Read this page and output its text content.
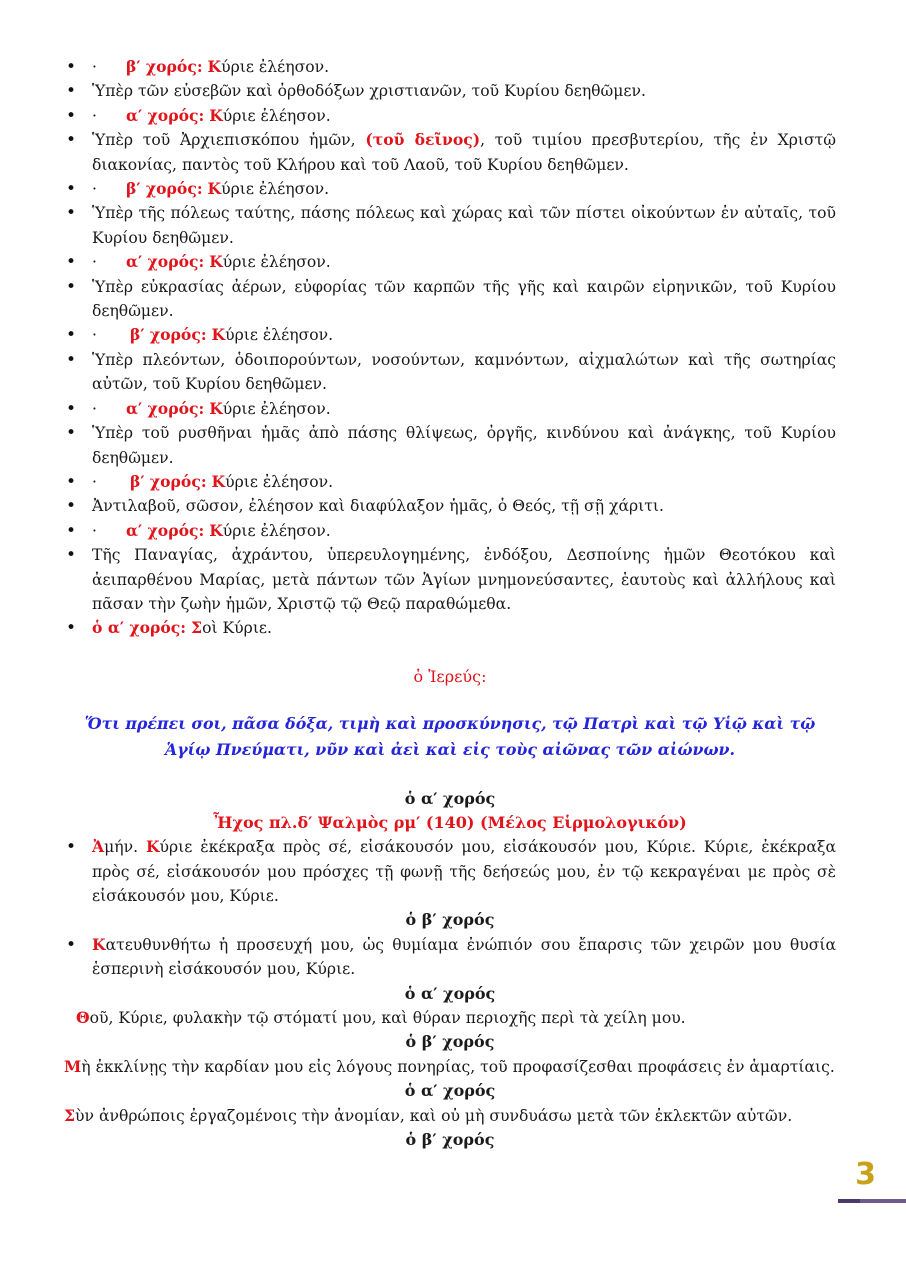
• · β′ χορός: Κύριε ἐλέησον.
• Ὑπὲρ τῶν εὐσεβῶν καὶ ὀρθοδόξων χριστιανῶν, τοῦ Κυρίου δεηθῶμεν.
• · α′ χορός: Κύριε ἐλέησον.
• Ὑπὲρ τοῦ Ἀρχιεπισκόπου ἡμῶν, (τοῦ δεῖνος), τοῦ τιμίου πρεσβυτερίου, τῆς ἐν Χριστῷ διακονίας, παντὸς τοῦ Κλήρου καὶ τοῦ Λαοῦ, τοῦ Κυρίου δεηθῶμεν.
• · β′ χορός: Κύριε ἐλέησον.
• Ὑπὲρ τῆς πόλεως ταύτης, πάσης πόλεως καὶ χώρας καὶ τῶν πίστει οἰκούντων ἐν αὐταῖς, τοῦ Κυρίου δεηθῶμεν.
• · α′ χορός: Κύριε ἐλέησον.
• Ὑπὲρ εὐκρασίας ἀέρων, εὐφορίας τῶν καρπῶν τῆς γῆς καὶ καιρῶν εἰρηνικῶν, τοῦ Κυρίου δεηθῶμεν.
• · β′ χορός: Κύριε ἐλέησον.
• Ὑπὲρ πλεόντων, ὁδοιπορούντων, νοσούντων, καμνόντων, αἰχμαλώτων καὶ τῆς σωτηρίας αὐτῶν, τοῦ Κυρίου δεηθῶμεν.
• · α′ χορός: Κύριε ἐλέησον.
• Ὑπὲρ τοῦ ρυσθῆναι ἡμᾶς ἀπὸ πάσης θλίψεως, ὀργῆς, κινδύνου καὶ ἀνάγκης, τοῦ Κυρίου δεηθῶμεν.
• · β′ χορός: Κύριε ἐλέησον.
• Ἀντιλαβοῦ, σῶσον, ἐλέησον καὶ διαφύλαξον ἡμᾶς, ὁ Θεός, τῇ σῇ χάριτι.
• · α′ χορός: Κύριε ἐλέησον.
• Τῆς Παναγίας, ἀχράντου, ὑπερευλογημένης, ἐνδόξου, Δεσποίνης ἡμῶν Θεοτόκου καὶ ἀειπαρθένου Μαρίας, μετὰ πάντων τῶν Ἁγίων μνημονεύσαντες, ἑαυτοὺς καὶ ἀλλήλους καὶ πᾶσαν τὴν ζωὴν ἡμῶν, Χριστῷ τῷ Θεῷ παραθώμεθα.
• ὁ α′ χορός: Σοὶ Κύριε.
ὁ Ἱερεύς:
Ὅτι πρέπει σοι, πᾶσα δόξα, τιμὴ καὶ προσκύνησις, τῷ Πατρὶ καὶ τῷ Υἱῷ καὶ τῷ Ἁγίῳ Πνεύματι, νῦν καὶ ἀεὶ καὶ εἰς τοὺς αἰῶνας τῶν αἰώνων.
ὁ α′ χορός
Ἦχος πλ.δ′ Ψαλμὸς ρμ′ (140) (Μέλος Εἱρμολογικόν)
• Ἀμήν. Κύριε ἐκέκραξα πρὸς σέ, εἰσάκουσόν μου, εἰσάκουσόν μου, Κύριε. Κύριε, ἐκέκραξα πρὸς σέ, εἰσάκουσόν μου πρόσχες τῇ φωνῇ τῆς δεήσεώς μου, ἐν τῷ κεκραγέναι με πρὸς σὲ εἰσάκουσόν μου, Κύριε.
ὁ β′ χορός
• Κατευθυνθήτω ἡ προσευχή μου, ὡς θυμίαμα ἐνώπιόν σου ἔπαρσις τῶν χειρῶν μου θυσία ἑσπερινὴ εἰσάκουσόν μου, Κύριε.
ὁ α′ χορός
Θοῦ, Κύριε, φυλακὴν τῷ στόματί μου, καὶ θύραν περιοχῆς περὶ τὰ χείλη μου.
ὁ β′ χορός
Μὴ ἐκκλίνῃς τὴν καρδίαν μου εἰς λόγους πονηρίας, τοῦ προφασίζεσθαι προφάσεις ἐν ἁμαρτίαις.
ὁ α′ χορός
Σὺν ἀνθρώποις ἐργαζομένοις τὴν ἀνομίαν, καὶ οὐ μὴ συνδυάσω μετὰ τῶν ἐκλεκτῶν αὐτῶν.
ὁ β′ χορός
3
